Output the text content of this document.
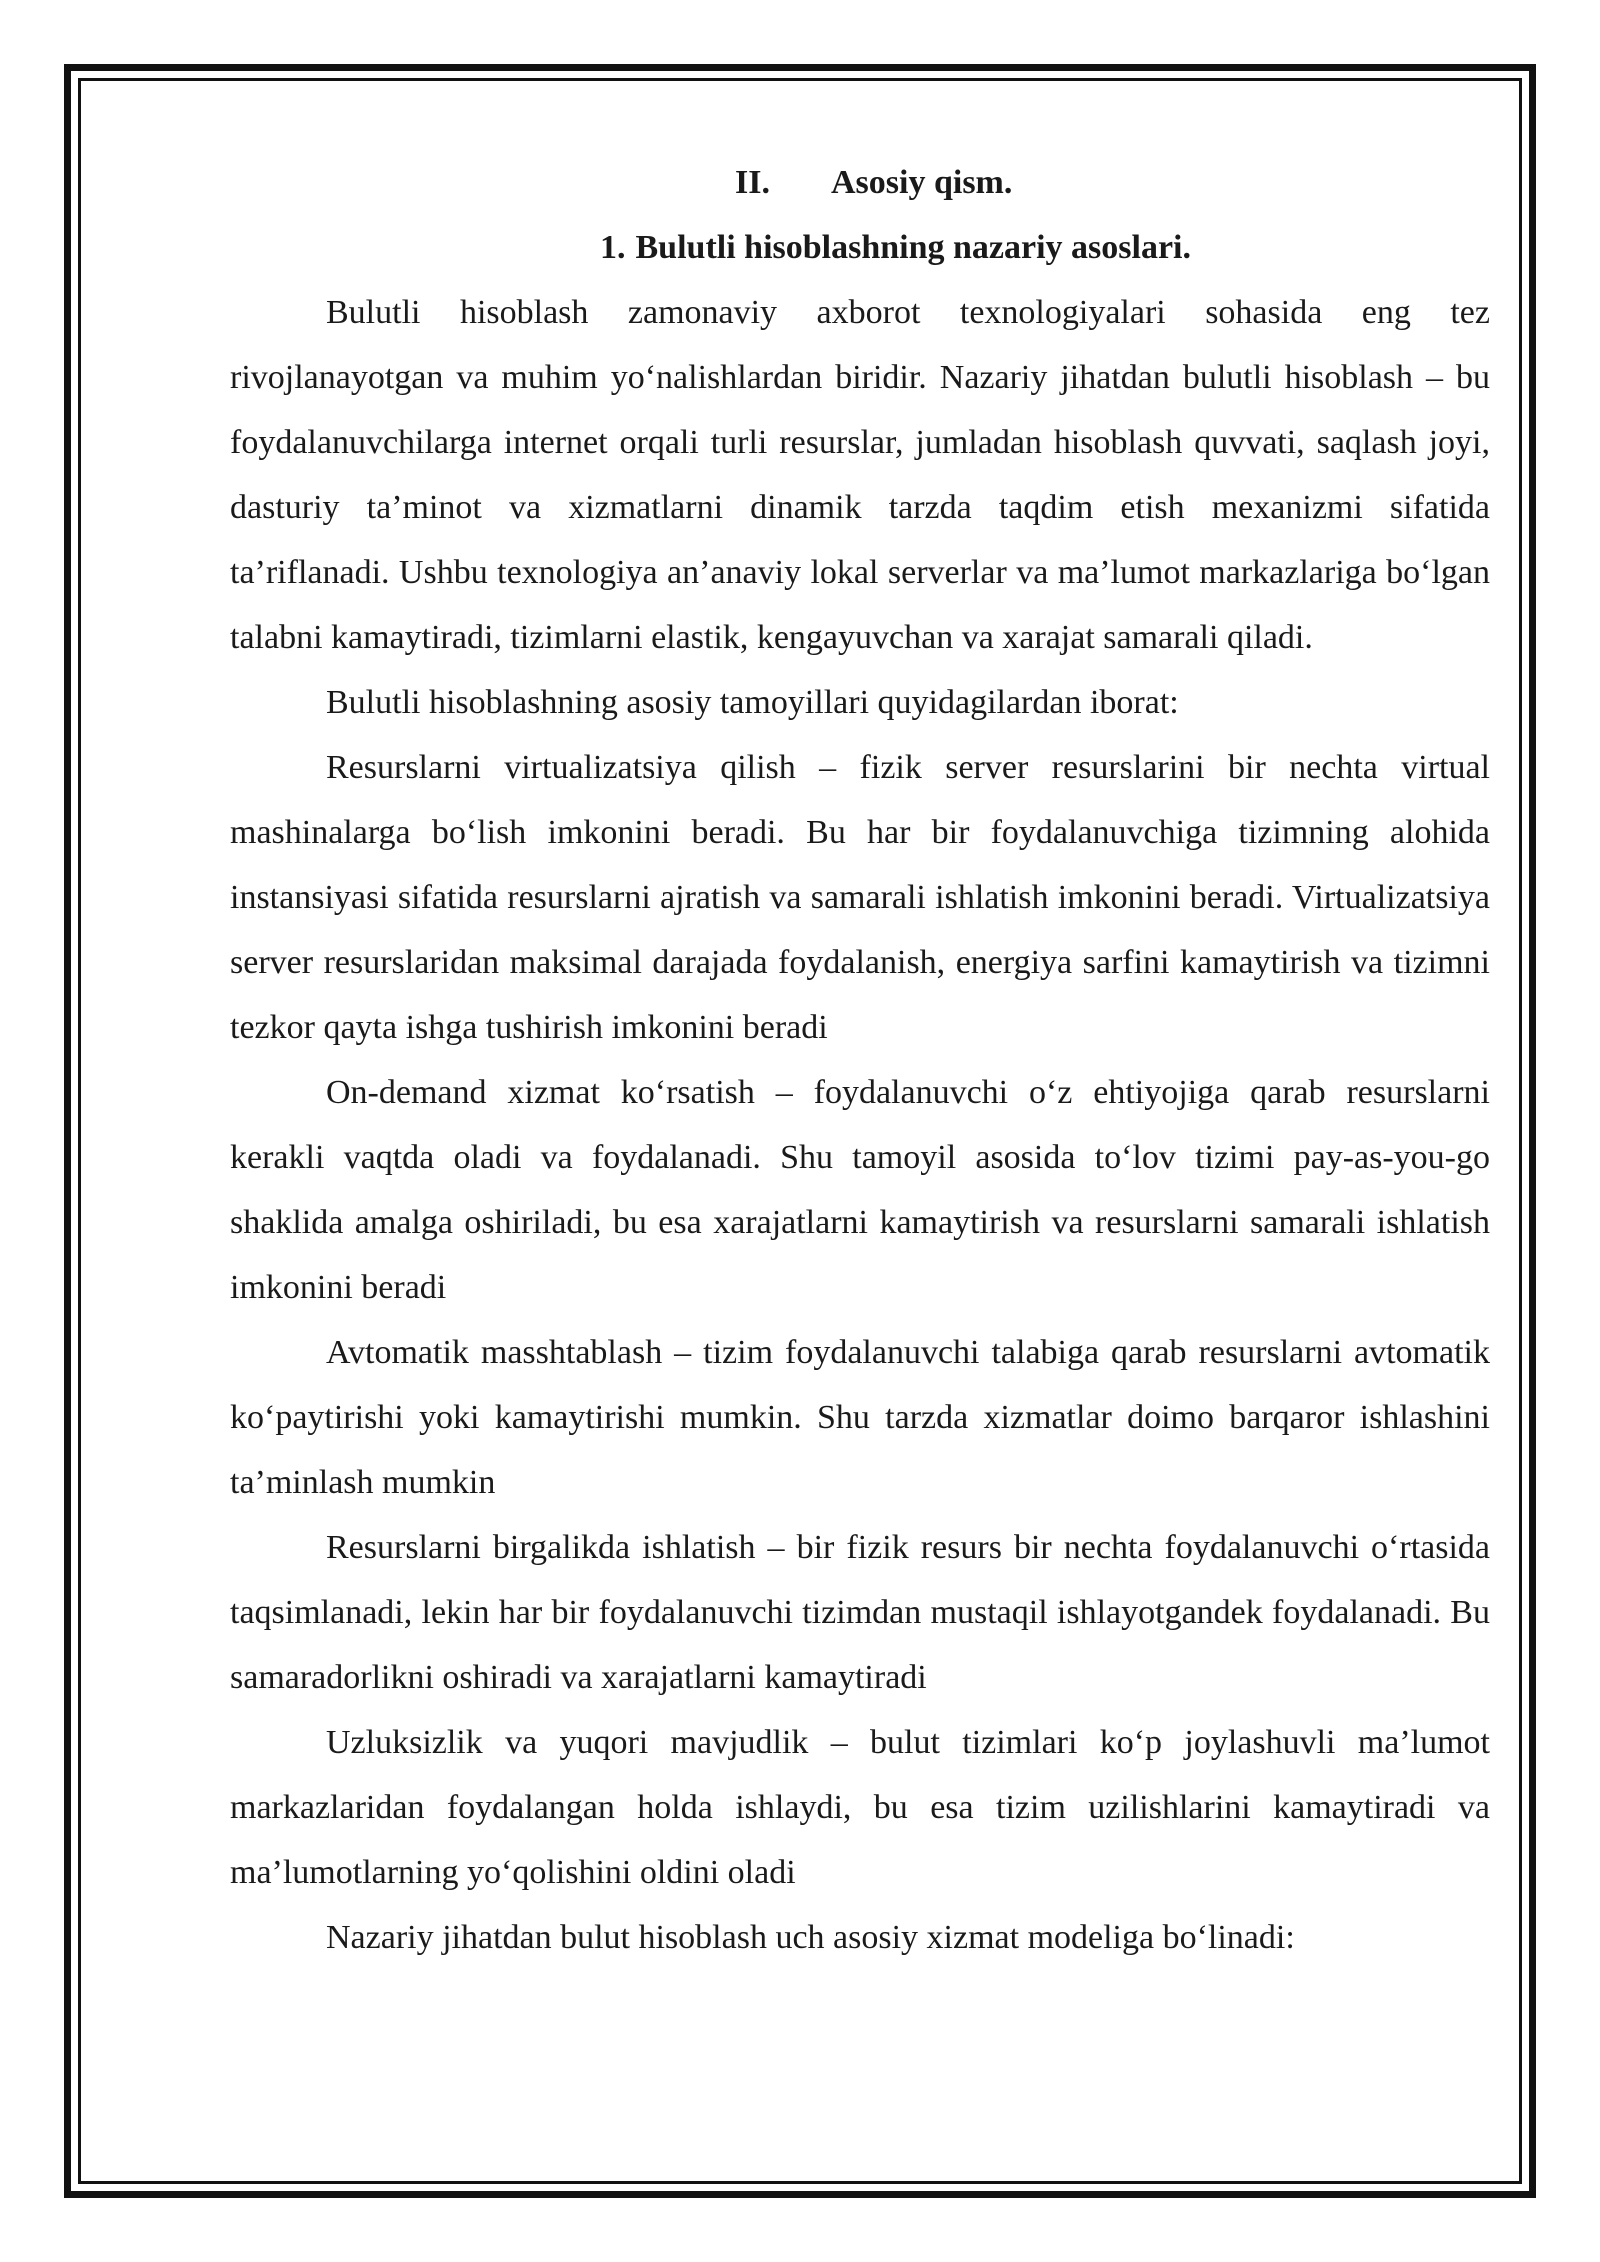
II. Asosiy qism.
1. Bulutli hisoblashning nazariy asoslari.

Bulutli hisoblash zamonaviy axborot texnologiyalari sohasida eng tez rivojlanayotgan va muhim yo‘nalishlardan biridir. Nazariy jihatdan bulutli hisoblash – bu foydalanuvchilarga internet orqali turli resurslar, jumladan hisoblash quvvati, saqlash joyi, dasturiy ta’minot va xizmatlarni dinamik tarzda taqdim etish mexanizmi sifatida ta’riflanadi. Ushbu texnologiya an’anaviy lokal serverlar va ma’lumot markazlariga bo‘lgan talabni kamaytiradi, tizimlarni elastik, kengayuvchan va xarajat samarali qiladi.

Bulutli hisoblashning asosiy tamoyillari quyidagilardan iborat:

Resurslarni virtualizatsiya qilish – fizik server resurslarini bir nechta virtual mashinalarga bo‘lish imkonini beradi. Bu har bir foydalanuvchiga tizimning alohida instansiyasi sifatida resurslarni ajratish va samarali ishlatish imkonini beradi. Virtualizatsiya server resurslaridan maksimal darajada foydalanish, energiya sarfini kamaytirish va tizimni tezkor qayta ishga tushirish imkonini beradi

On-demand xizmat ko‘rsatish – foydalanuvchi o‘z ehtiyojiga qarab resurslarni kerakli vaqtda oladi va foydalanadi. Shu tamoyil asosida to‘lov tizimi pay-as-you-go shaklida amalga oshiriladi, bu esa xarajatlarni kamaytirish va resurslarni samarali ishlatish imkonini beradi

Avtomatik masshtablash – tizim foydalanuvchi talabiga qarab resurslarni avtomatik ko‘paytirishi yoki kamaytirishi mumkin. Shu tarzda xizmatlar doimo barqaror ishlashini ta’minlash mumkin

Resurslarni birgalikda ishlatish – bir fizik resurs bir nechta foydalanuvchi o‘rtasida taqsimlanadi, lekin har bir foydalanuvchi tizimdan mustaqil ishlayotgandek foydalanadi. Bu samaradorlikni oshiradi va xarajatlarni kamaytiradi

Uzluksizlik va yuqori mavjudlik – bulut tizimlari ko‘p joylashuvli ma’lumot markazlaridan foydalangan holda ishlaydi, bu esa tizim uzilishlarini kamaytiradi va ma’lumotlarning yo‘qolishini oldini oladi

Nazariy jihatdan bulut hisoblash uch asosiy xizmat modeliga bo‘linadi:
